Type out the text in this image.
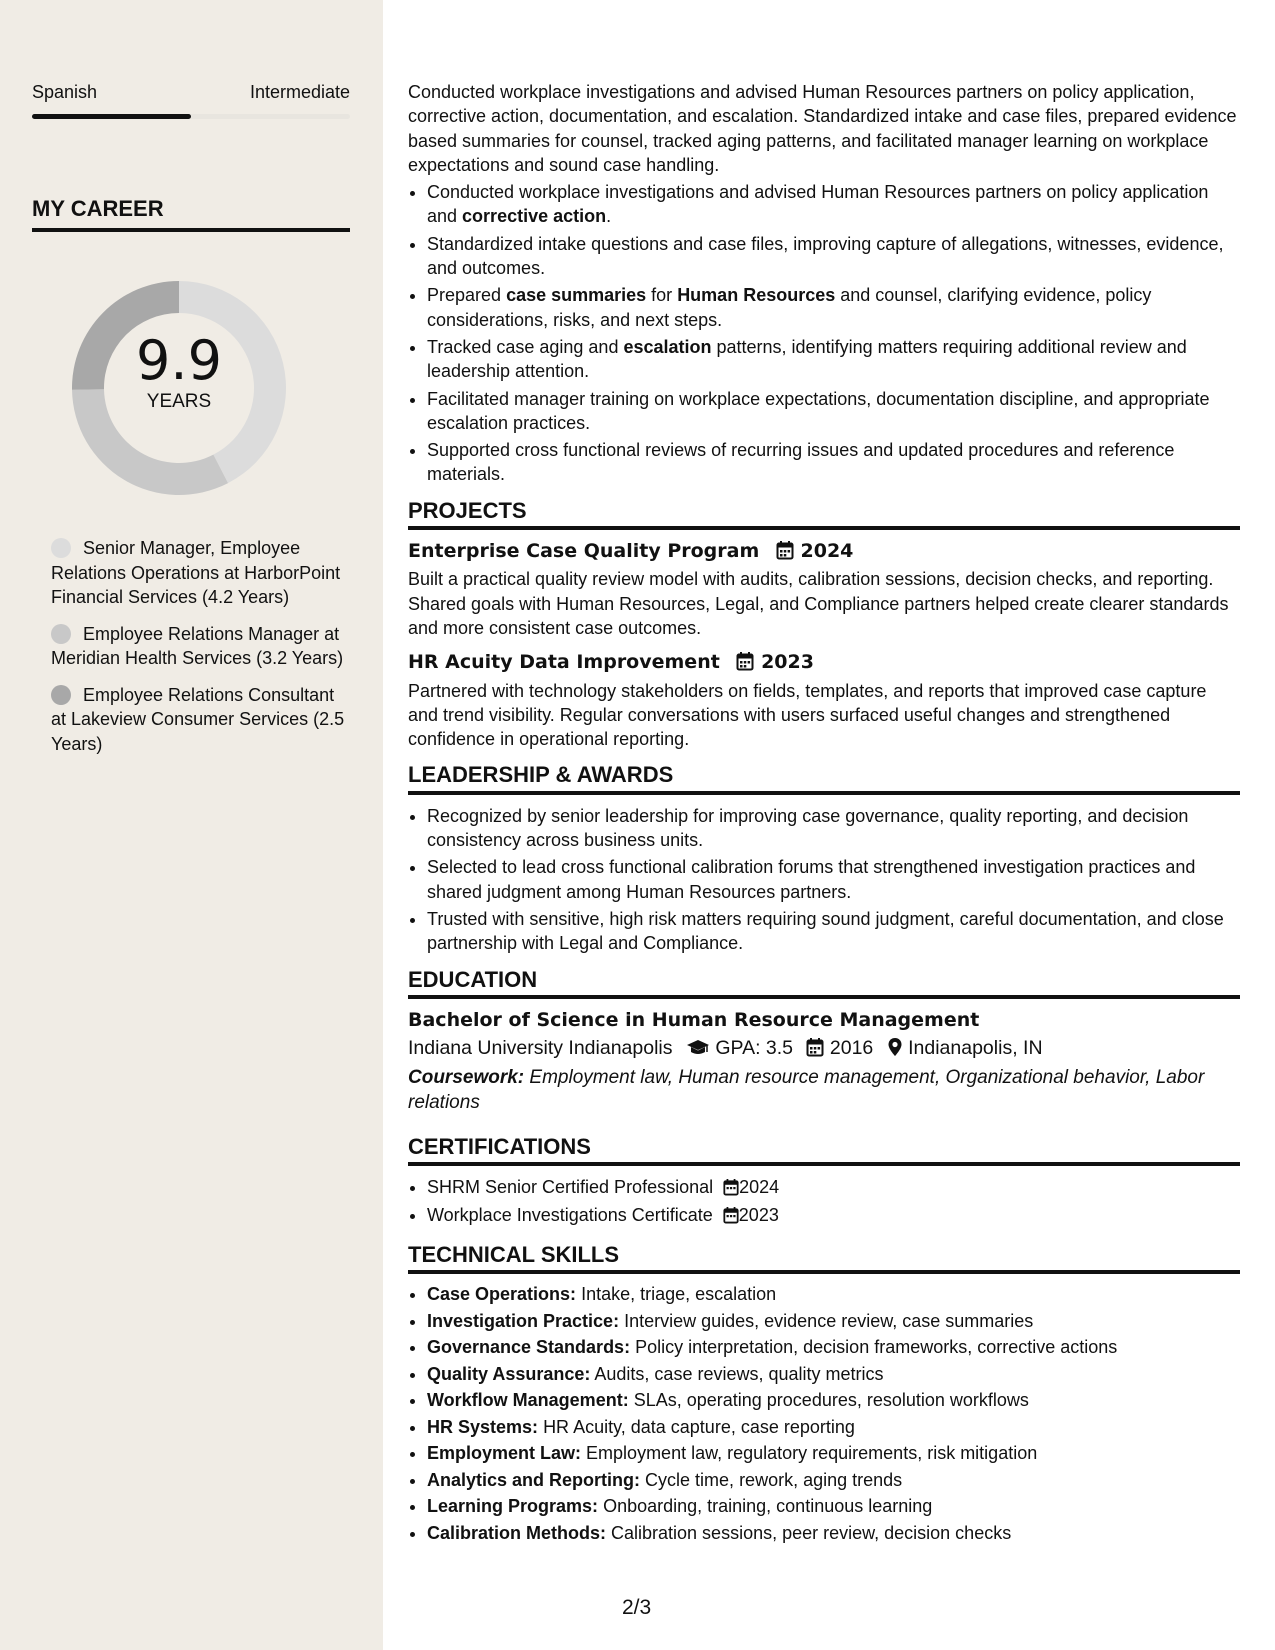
Spanish	Intermediate
MY CAREER
9.9
YEARS
Senior Manager, Employee Relations Operations at HarborPoint Financial Services (4.2 Years)
Employee Relations Manager at Meridian Health Services (3.2 Years)
Employee Relations Consultant at Lakeview Consumer Services (2.5 Years)

Conducted workplace investigations and advised Human Resources partners on policy application, corrective action, documentation, and escalation. Standardized intake and case files, prepared evidence based summaries for counsel, tracked aging patterns, and facilitated manager learning on workplace expectations and sound case handling.

• Conducted workplace investigations and advised Human Resources partners on policy application and corrective action.
• Standardized intake questions and case files, improving capture of allegations, witnesses, evidence, and outcomes.
• Prepared case summaries for Human Resources and counsel, clarifying evidence, policy considerations, risks, and next steps.
• Tracked case aging and escalation patterns, identifying matters requiring additional review and leadership attention.
• Facilitated manager training on workplace expectations, documentation discipline, and appropriate escalation practices.
• Supported cross functional reviews of recurring issues and updated procedures and reference materials.
PROJECTS
Enterprise Case Quality Program 2024

Built a practical quality review model with audits, calibration sessions, decision checks, and reporting. Shared goals with Human Resources, Legal, and Compliance partners helped create clearer standards and more consistent case outcomes.

HR Acuity Data Improvement 2023

Partnered with technology stakeholders on fields, templates, and reports that improved case capture and trend visibility. Regular conversations with users surfaced useful changes and strengthened confidence in operational reporting.

LEADERSHIP & AWARDS
• Recognized by senior leadership for improving case governance, quality reporting, and decision consistency across business units.
• Selected to lead cross functional calibration forums that strengthened investigation practices and shared judgment among Human Resources partners.
• Trusted with sensitive, high risk matters requiring sound judgment, careful documentation, and close partnership with Legal and Compliance.
EDUCATION
Bachelor of Science in Human Resource Management
Indiana University Indianapolis GPA: 3.5 2016 Indianapolis, IN

Coursework: Employment law, Human resource management, Organizational behavior, Labor relations

CERTIFICATIONS
• SHRM Senior Certified Professional 2024
• Workplace Investigations Certificate 2023
TECHNICAL SKILLS
• Case Operations: Intake, triage, escalation
• Investigation Practice: Interview guides, evidence review, case summaries
• Governance Standards: Policy interpretation, decision frameworks, corrective actions
• Quality Assurance: Audits, case reviews, quality metrics
• Workflow Management: SLAs, operating procedures, resolution workflows
• HR Systems: HR Acuity, data capture, case reporting
• Employment Law: Employment law, regulatory requirements, risk mitigation
• Analytics and Reporting: Cycle time, rework, aging trends
• Learning Programs: Onboarding, training, continuous learning
• Calibration Methods: Calibration sessions, peer review, decision checks
2/3
